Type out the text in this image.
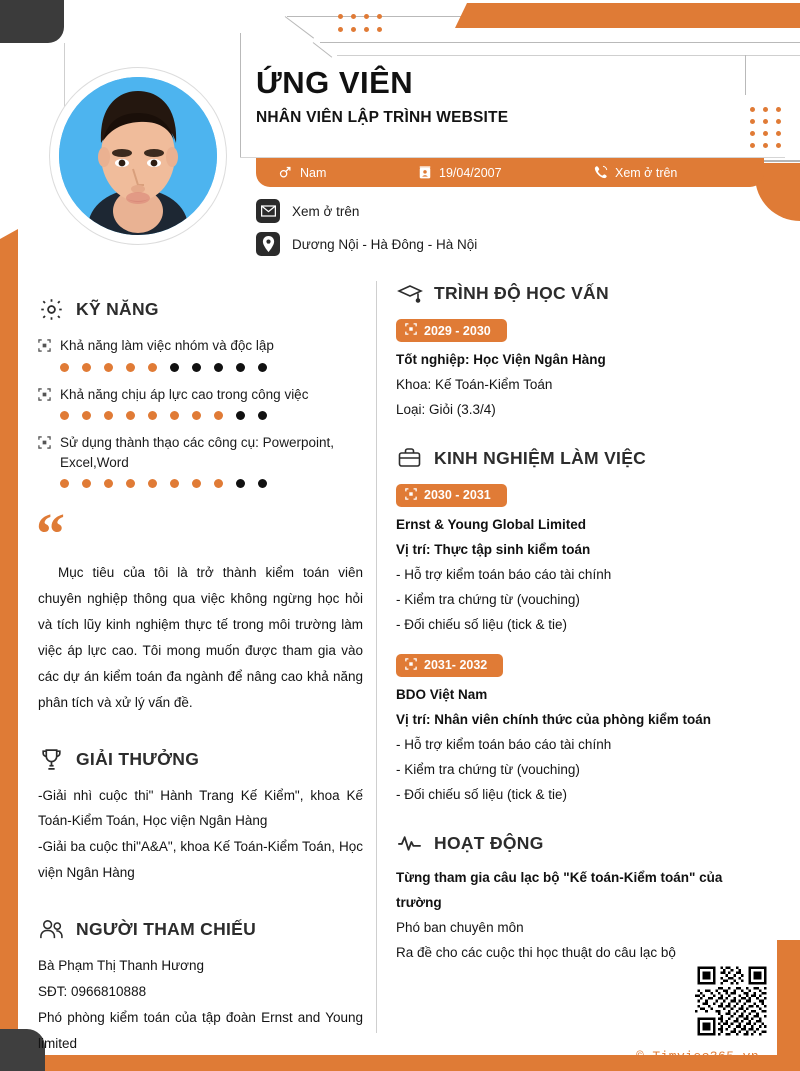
ỨNG VIÊN
NHÂN VIÊN LẬP TRÌNH WEBSITE
Nam	19/04/2007	Xem ở trên
Xem ở trên
Dương Nội - Hà Đông - Hà Nội
KỸ NĂNG
Khả năng làm việc nhóm và độc lập
Khả năng chịu áp lực cao trong công việc
Sử dụng thành thạo các công cụ: Powerpoint, Excel,Word
“
Mục tiêu của tôi là trở thành kiểm toán viên chuyên nghiệp thông qua việc không ngừng học hỏi và tích lũy kinh nghiệm thực tế trong môi trường làm việc áp lực cao. Tôi mong muốn được tham gia vào các dự án kiểm toán đa ngành để nâng cao khả năng phân tích và xử lý vấn đề.
GIẢI THƯỞNG
-Giải nhì cuộc thi" Hành Trang Kế Kiểm", khoa Kế Toán-Kiểm Toán, Học viện Ngân Hàng
-Giải ba cuộc thi"A&A", khoa Kế Toán-Kiểm Toán, Học viện Ngân Hàng
NGƯỜI THAM CHIẾU
Bà Phạm Thị Thanh Hương
SĐT: 0966810888
Phó phòng kiểm toán của tập đoàn Ernst and Young limited
TRÌNH ĐỘ HỌC VẤN
2029 - 2030
Tốt nghiệp: Học Viện Ngân Hàng
Khoa: Kế Toán-Kiểm Toán
Loại: Giỏi (3.3/4)
KINH NGHIỆM LÀM VIỆC
2030 - 2031
Ernst & Young Global Limited
Vị trí: Thực tập sinh kiểm toán
- Hỗ trợ kiểm toán báo cáo tài chính
- Kiểm tra chứng từ (vouching)
- Đối chiếu số liệu (tick & tie)
2031- 2032
BDO Việt Nam
Vị trí: Nhân viên chính thức của phòng kiểm toán
- Hỗ trợ kiểm toán báo cáo tài chính
- Kiểm tra chứng từ (vouching)
- Đối chiếu số liệu (tick & tie)
HOẠT ĐỘNG
Từng tham gia câu lạc bộ "Kế toán-Kiểm toán" của trường
Phó ban chuyên môn
Ra đề cho các cuộc thi học thuật do câu lạc bộ
© Timviec365.vn
